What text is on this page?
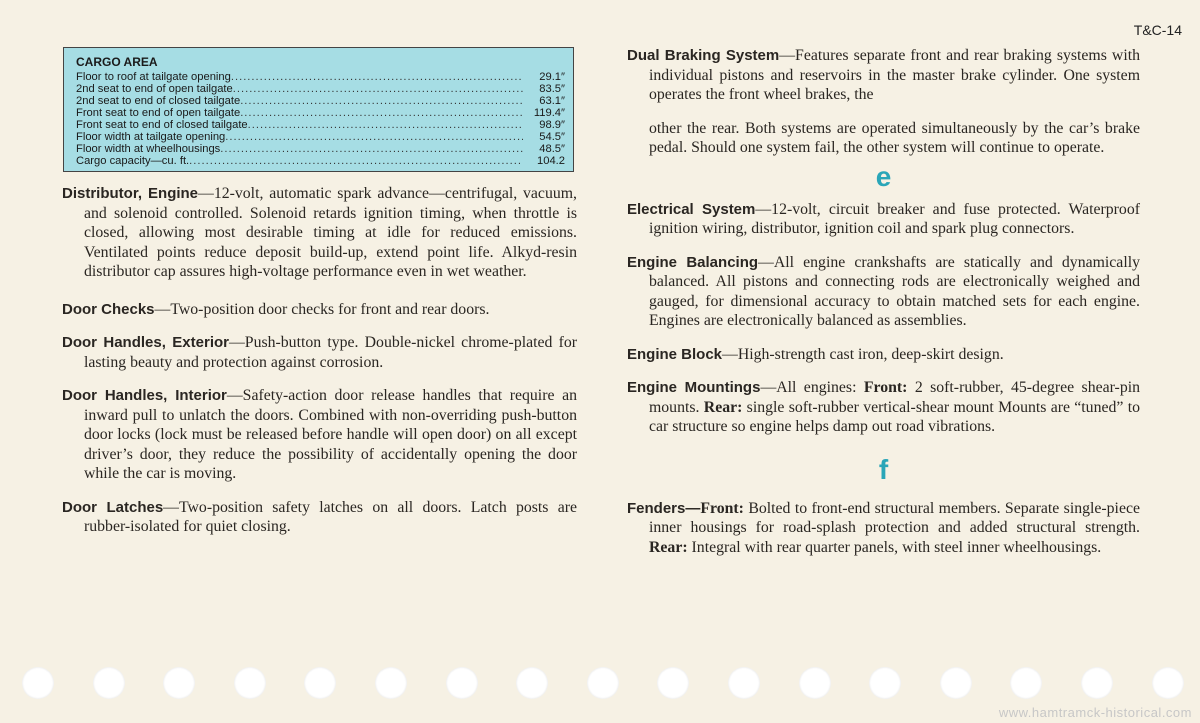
T&C-14
CARGO AREA
Floor to roof at tailgate opening .....	29.1″
2nd seat to end of open tailgate .....	83.5″
2nd seat to end of closed tailgate .....	63.1″
Front seat to end of open tailgate .....	119.4″
Front seat to end of closed tailgate .....	98.9″
Floor width at tailgate opening .....	54.5″
Floor width at wheelhousings .....	48.5″
Cargo capacity—cu. ft. .....	104.2
Distributor, Engine—12-volt, automatic spark advance—centrifugal, vacuum, and solenoid controlled. Solenoid retards ignition timing, when throttle is closed, allowing most desirable timing at idle for reduced emissions. Ventilated points reduce deposit build-up, extend point life. Alkyd-resin distributor cap assures high-voltage performance even in wet weather.
Door Checks—Two-position door checks for front and rear doors.
Door Handles, Exterior—Push-button type. Double-nickel chrome-plated for lasting beauty and protection against corrosion.
Door Handles, Interior—Safety-action door release handles that require an inward pull to unlatch the doors. Combined with non-overriding push-button door locks (lock must be released before handle will open door) on all except driver’s door, they reduce the possibility of accidentally opening the door while the car is moving.
Door Latches—Two-position safety latches on all doors. Latch posts are rubber-isolated for quiet closing.
Dual Braking System—Features separate front and rear braking systems with individual pistons and reservoirs in the master brake cylinder. One system operates the front wheel brakes, the
other the rear. Both systems are operated simultaneously by the car’s brake pedal. Should one system fail, the other system will continue to operate.
e
Electrical System—12-volt, circuit breaker and fuse protected. Waterproof ignition wiring, distributor, ignition coil and spark plug connectors.
Engine Balancing—All engine crankshafts are statically and dynamically balanced. All pistons and connecting rods are electronically weighed and gauged, for dimensional accuracy to obtain matched sets for each engine. Engines are electronically balanced as assemblies.
Engine Block—High-strength cast iron, deep-skirt design.
Engine Mountings—All engines: Front: 2 soft-rubber, 45-degree shear-pin mounts. Rear: single soft-rubber vertical-shear mount Mounts are “tuned” to car structure so engine helps damp out road vibrations.
f
Fenders—Front: Bolted to front-end structural members. Separate single-piece inner housings for road-splash protection and added structural strength. Rear: Integral with rear quarter panels, with steel inner wheelhousings.
www.hamtramck-historical.com
